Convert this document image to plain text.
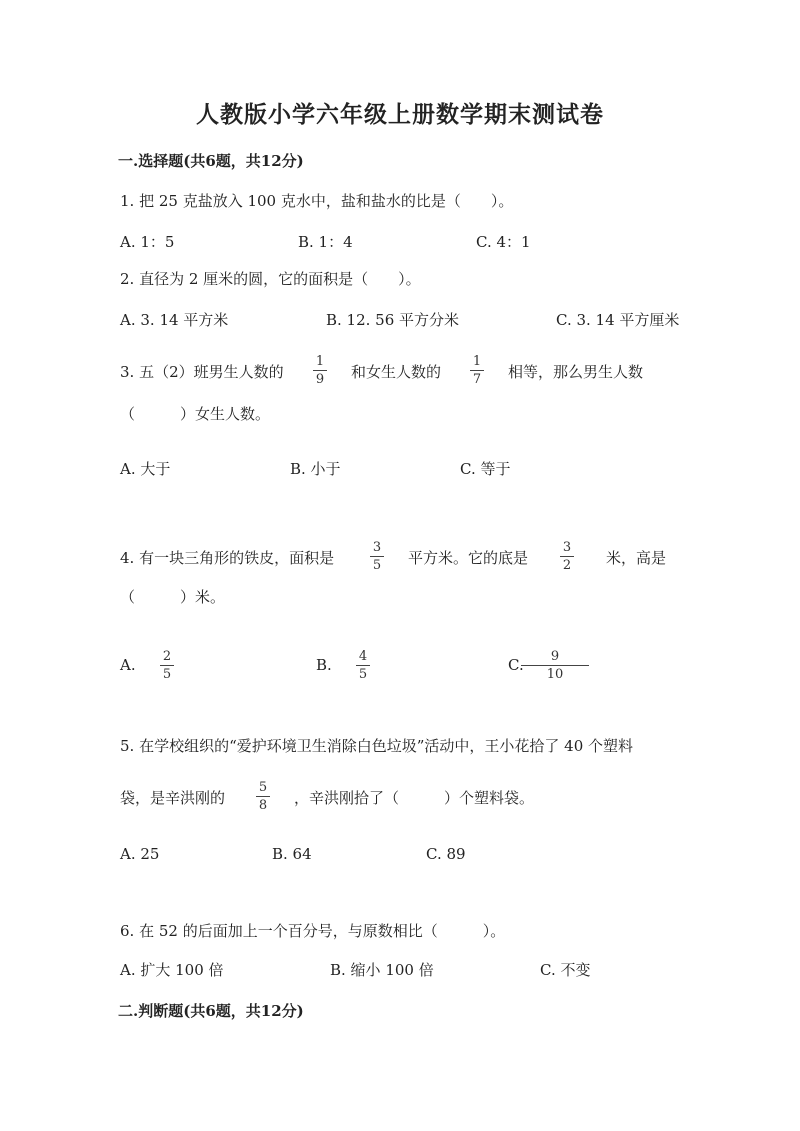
人教版小学六年级上册数学期末测试卷
一.选择题(共6题，共12分)
1. 把 25 克盐放入 100 克水中，盐和盐水的比是（　　）。
A. 1：5	B. 1：4	C. 4：1
2. 直径为 2 厘米的圆，它的面积是（　　）。
A. 3. 14 平方米	B. 12. 56 平方分米	C. 3. 14 平方厘米
3. 五（2）班男生人数的
1
9 和女生人数的
1
7 相等，那么男生人数
（　　　）女生人数。
A. 大于	B. 小于	C. 等于
4. 有一块三角形的铁皮，面积是
3
5 平方米。它的底是
3
2 米，高是
（　　　）米。
A. 2
5
B. 4
5
C. 9
10
5. 在学校组织的“爱护环境卫生消除白色垃圾”活动中，王小花拾了 40 个塑料
袋，是辛洪刚的
5
8 ，辛洪刚拾了（　　　）个塑料袋。
A. 25	B. 64	C. 89
6. 在 52 的后面加上一个百分号，与原数相比（　　　）。
A. 扩大 100 倍	B. 缩小 100 倍	C. 不变
二.判断题(共6题，共12分)
